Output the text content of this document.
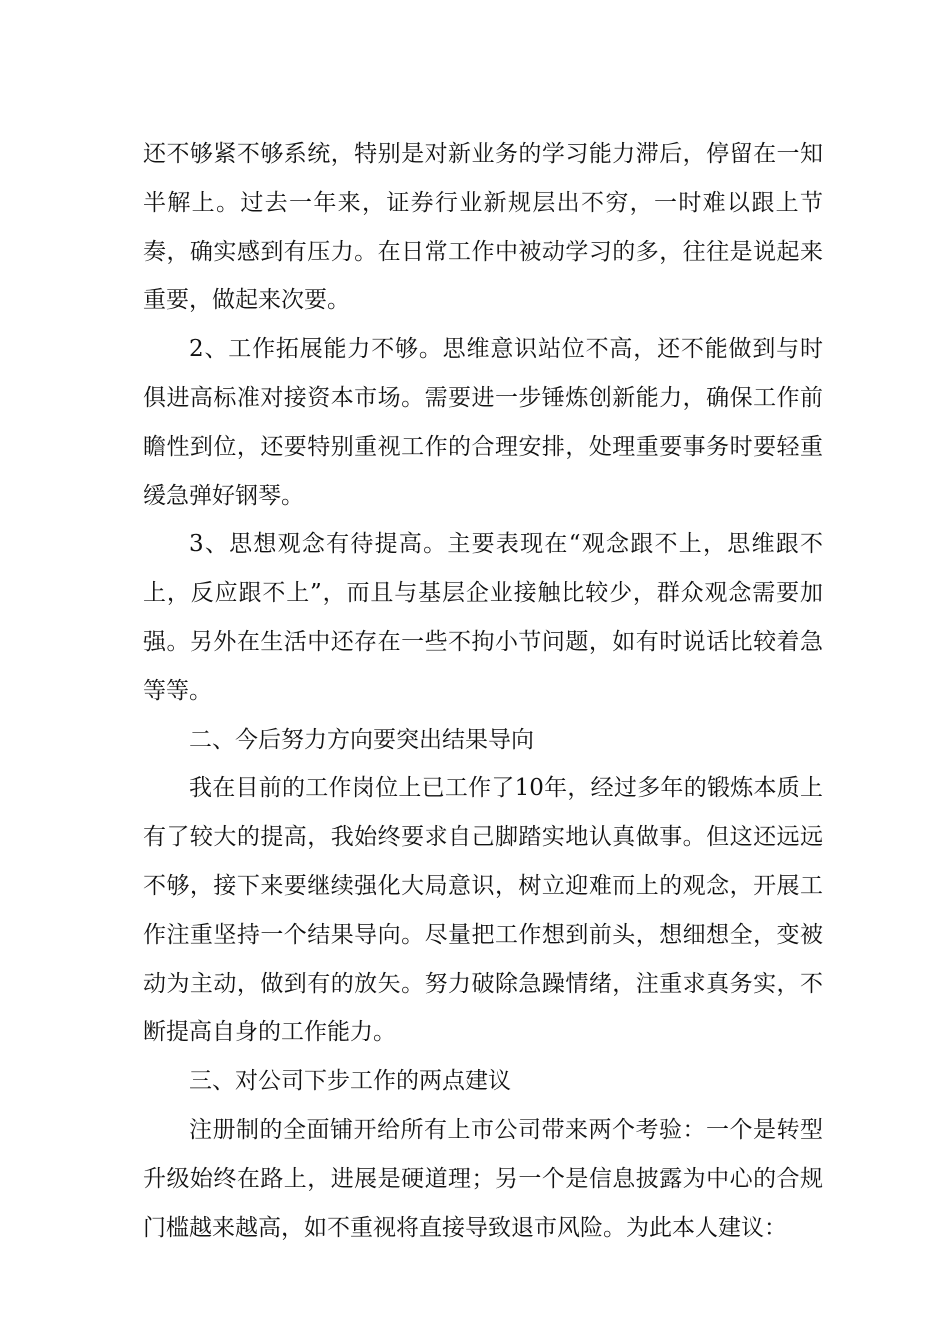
还不够紧不够系统，特别是对新业务的学习能力滞后，停留在一知半解上。过去一年来，证券行业新规层出不穷，一时难以跟上节奏，确实感到有压力。在日常工作中被动学习的多，往往是说起来重要，做起来次要。

2、工作拓展能力不够。思维意识站位不高，还不能做到与时俱进高标准对接资本市场。需要进一步锤炼创新能力，确保工作前瞻性到位，还要特别重视工作的合理安排，处理重要事务时要轻重缓急弹好钢琴。

3、思想观念有待提高。主要表现在“观念跟不上，思维跟不上，反应跟不上”，而且与基层企业接触比较少，群众观念需要加强。另外在生活中还存在一些不拘小节问题，如有时说话比较着急等等。

二、今后努力方向要突出结果导向

我在目前的工作岗位上已工作了10年，经过多年的锻炼本质上有了较大的提高，我始终要求自己脚踏实地认真做事。但这还远远不够，接下来要继续强化大局意识，树立迎难而上的观念，开展工作注重坚持一个结果导向。尽量把工作想到前头，想细想全，变被动为主动，做到有的放矢。努力破除急躁情绪，注重求真务实，不断提高自身的工作能力。

三、对公司下步工作的两点建议

注册制的全面铺开给所有上市公司带来两个考验：一个是转型升级始终在路上，进展是硬道理；另一个是信息披露为中心的合规门槛越来越高，如不重视将直接导致退市风险。为此本人建议：
